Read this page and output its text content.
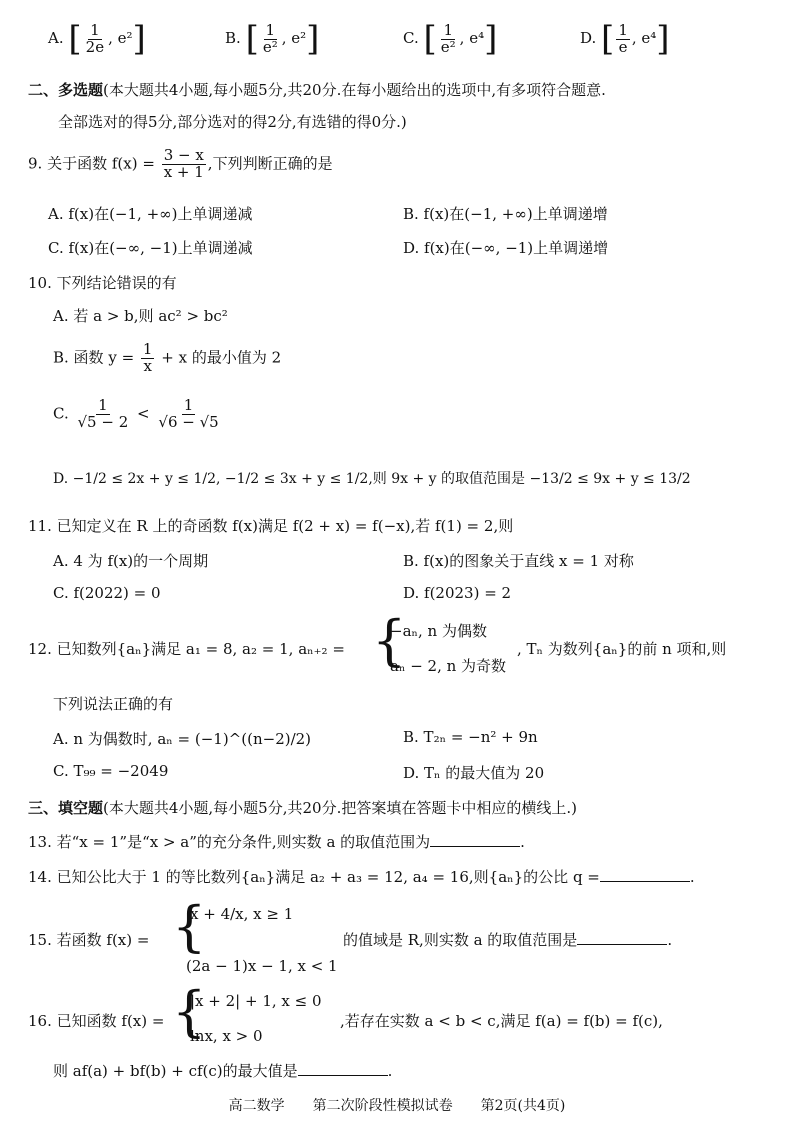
A. [ $\frac{1}{2e}$ , e²]	B. [ $\frac{1}{\text{e²}}$ , e²]	C. [ $\frac{1}{\text{e²}}$ , e⁴]	D. [ $\frac{1}{e}$ , e⁴]
二、多选题(本大题共4小题,每小题5分,共20分.在每小题给出的选项中,有多项符合题意.
全部选对的得5分,部分选对的得2分,有选错的得0分.)
9. 关于函数 $f(x) = \frac{3 - x}{x + 1}$ ,下列判断正确的是
A. f(x)在(−1, +∞)上单调递减	B. f(x)在(−1, +∞)上单调递增
C. f(x)在(−∞, −1)上单调递减	D. f(x)在(−∞, −1)上单调递增
10. 下列结论错误的有
A. 若 a > b,则 ac² > bc²
B. 函数 $y = \frac{1}{x} + x$ 的最小值为 2
C. $\frac{1}{√5 - 2} < \frac{1}{√6 - √5}$
D. −1/2 ≤ 2x + y ≤ 1/2, −1/2 ≤ 3x + y ≤ 1/2,则 9x + y 的取值范围是 −13/2 ≤ 9x + y ≤ 13/2
11. 已知定义在 R 上的奇函数 f(x)满足 f(2 + x) = f(−x),若 f(1) = 2,则
A. 4 为 f(x)的一个周期	B. f(x)的图象关于直线 x = 1 对称
C. f(2022) = 0	D. f(2023) = 2
12. 已知数列{aₙ}满足 a₁ = 8, a₂ = 1, aₙ₊₂ = {
−aₙ, n 为偶数
aₙ − 2, n 为奇数
, Tₙ 为数列{aₙ}的前 n 项和,则
下列说法正确的有
A. n 为偶数时, aₙ = (−1)^((n−2)/2)	B. T₂ₙ = −n² + 9n
C. T₉₉ = −2049	D. Tₙ 的最大值为 20
三、填空题(本大题共4小题,每小题5分,共20分.把答案填在答题卡中相应的横线上.)
13. 若“x = 1”是“x > a”的充分条件,则实数 a 的取值范围为	.
14. 已知公比大于 1 的等比数列{aₙ}满足 a₂ + a₃ = 12, a₄ = 16,则{aₙ}的公比 q =	.
15. 若函数 f(x) = {
x + 4/x, x ≥ 1
(2a − 1)x − 1, x < 1
的值域是 R,则实数 a 的取值范围是	.
16. 已知函数 f(x) = {
|x + 2| + 1, x ≤ 0
lnx, x > 0
,若存在实数 a < b < c,满足 f(a) = f(b) = f(c),
则 af(a) + bf(b) + cf(c)的最大值是	.
高二数学　　第二次阶段性模拟试卷　　第2页(共4页)
